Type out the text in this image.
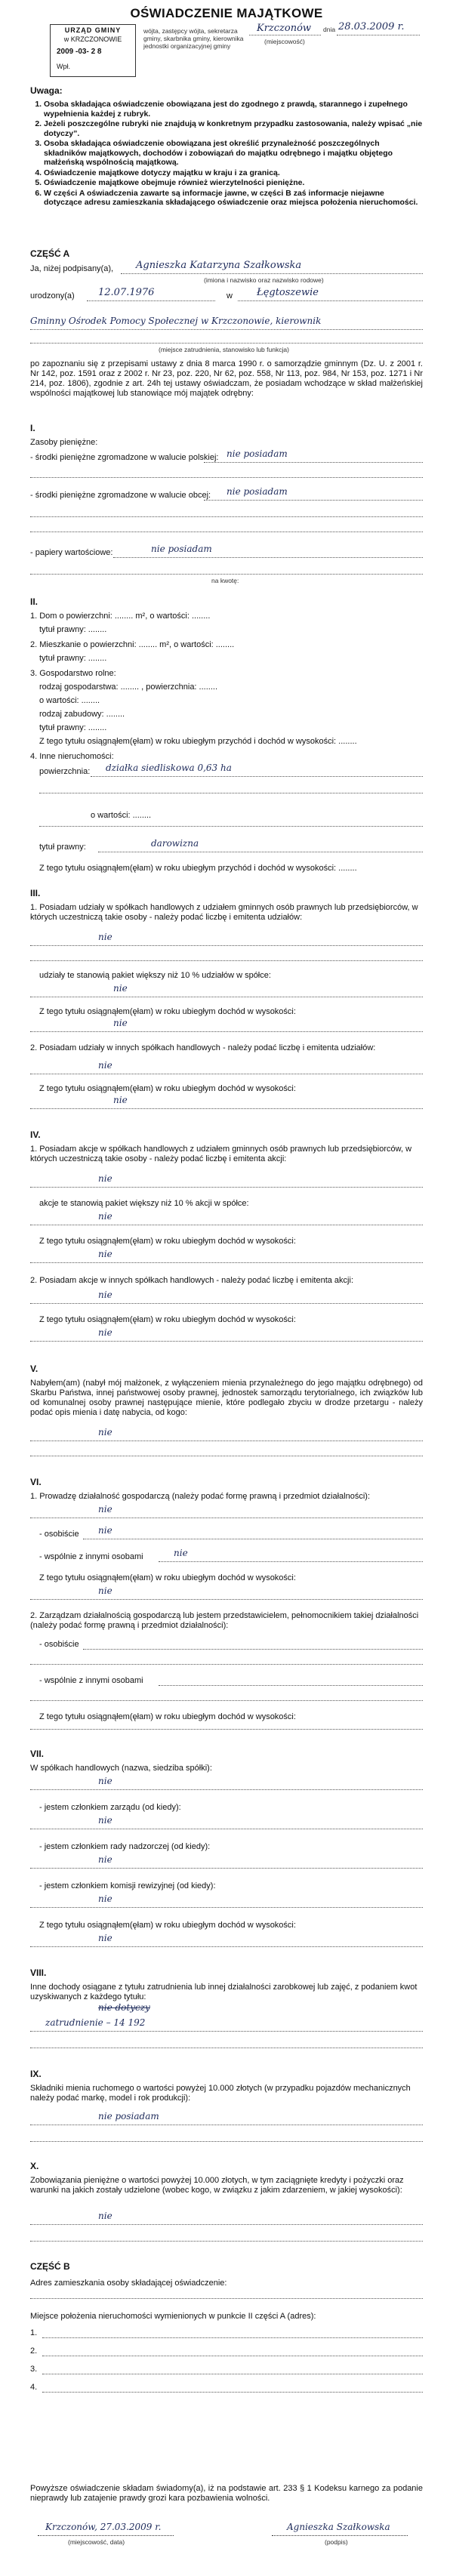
OŚWIADCZENIE MAJĄTKOWE
URZĄD GMINY
w KRZCZONOWIE
2009 -03- 2 8
Wpł.
wójta, zastępcy wójta, sekretarza gminy, skarbnika gminy, kierownika jednostki organizacyjnej gminy
Krzczonów
(miejscowość)
dnia 28.03.2009 r.
Uwaga:
1. Osoba składająca oświadczenie obowiązana jest do zgodnego z prawdą, starannego i zupełnego wypełnienia każdej z rubryk.
2. Jeżeli poszczególne rubryki nie znajdują w konkretnym przypadku zastosowania, należy wpisać „nie dotyczy”.
3. Osoba składająca oświadczenie obowiązana jest określić przynależność poszczególnych składników majątkowych, dochodów i zobowiązań do majątku odrębnego i majątku objętego małżeńską wspólnością majątkową.
4. Oświadczenie majątkowe dotyczy majątku w kraju i za granicą.
5. Oświadczenie majątkowe obejmuje również wierzytelności pieniężne.
6. W części A oświadczenia zawarte są informacje jawne, w części B zaś informacje niejawne dotyczące adresu zamieszkania składającego oświadczenie oraz miejsca położenia nieruchomości.
CZĘŚĆ A
Ja, niżej podpisany(a), Agnieszka Katarzyna Szałkowska
(imiona i nazwisko oraz nazwisko rodowe)
urodzony(a) 12.07.1976	w Łęgtoszewie
Gminny Ośrodek Pomocy Społecznej w Krzczonowie, kierownik
(miejsce zatrudnienia, stanowisko lub funkcja)
po zapoznaniu się z przepisami ustawy z dnia 8 marca 1990 r. o samorządzie gminnym (Dz. U. z 2001 r. Nr 142, poz. 1591 oraz z 2002 r. Nr 23, poz. 220, Nr 62, poz. 558, Nr 113, poz. 984, Nr 153, poz. 1271 i Nr 214, poz. 1806), zgodnie z art. 24h tej ustawy oświadczam, że posiadam wchodzące w skład małżeńskiej wspólności majątkowej lub stanowiące mój majątek odrębny:
I.
Zasoby pieniężne:
- środki pieniężne zgromadzone w walucie polskiej: nie posiadam
- środki pieniężne zgromadzone w walucie obcej: nie posiadam
- papiery wartościowe:	nie posiadam
na kwotę:
II.
1. Dom o powierzchni: ........ m², o wartości: ........
tytuł prawny: ........
2. Mieszkanie o powierzchni: ........ m², o wartości: ........
tytuł prawny: ........
3. Gospodarstwo rolne:
rodzaj gospodarstwa: ........ , powierzchnia: ........
o wartości: ........
rodzaj zabudowy: ........
tytuł prawny: ........
Z tego tytułu osiągnąłem(ęłam) w roku ubiegłym przychód i dochód w wysokości: ........
4. Inne nieruchomości:
powierzchnia: działka siedliskowa 0,63 ha
o wartości: ........
tytuł prawny:	darowizna
Z tego tytułu osiągnąłem(ęłam) w roku ubiegłym przychód i dochód w wysokości: ........
III.
1. Posiadam udziały w spółkach handlowych z udziałem gminnych osób prawnych lub przedsiębiorców, w których uczestniczą takie osoby - należy podać liczbę i emitenta udziałów:
nie
udziały te stanowią pakiet większy niż 10 % udziałów w spółce:
nie
Z tego tytułu osiągnąłem(ęłam) w roku ubiegłym dochód w wysokości:
nie
2. Posiadam udziały w innych spółkach handlowych - należy podać liczbę i emitenta udziałów:
nie
Z tego tytułu osiągnąłem(ęłam) w roku ubiegłym dochód w wysokości:
nie
IV.
1. Posiadam akcje w spółkach handlowych z udziałem gminnych osób prawnych lub przedsiębiorców, w których uczestniczą takie osoby - należy podać liczbę i emitenta akcji:
nie
akcje te stanowią pakiet większy niż 10 % akcji w spółce:
nie
Z tego tytułu osiągnąłem(ęłam) w roku ubiegłym dochód w wysokości:
nie
2. Posiadam akcje w innych spółkach handlowych - należy podać liczbę i emitenta akcji:
nie
Z tego tytułu osiągnąłem(ęłam) w roku ubiegłym dochód w wysokości:
nie
V.
Nabyłem(am) (nabył mój małżonek, z wyłączeniem mienia przynależnego do jego majątku odrębnego) od Skarbu Państwa, innej państwowej osoby prawnej, jednostek samorządu terytorialnego, ich związków lub od komunalnej osoby prawnej następujące mienie, które podlegało zbyciu w drodze przetargu - należy podać opis mienia i datę nabycia, od kogo:
nie
VI.
1. Prowadzę działalność gospodarczą (należy podać formę prawną i przedmiot działalności):
nie
- osobiście nie
- wspólnie z innymi osobami	nie
Z tego tytułu osiągnąłem(ęłam) w roku ubiegłym dochód w wysokości:
nie
2. Zarządzam działalnością gospodarczą lub jestem przedstawicielem, pełnomocnikiem takiej działalności (należy podać formę prawną i przedmiot działalności):
- osobiście
- wspólnie z innymi osobami
Z tego tytułu osiągnąłem(ęłam) w roku ubiegłym dochód w wysokości:
VII.
W spółkach handlowych (nazwa, siedziba spółki):
nie
- jestem członkiem zarządu (od kiedy):
nie
- jestem członkiem rady nadzorczej (od kiedy):
nie
- jestem członkiem komisji rewizyjnej (od kiedy):
nie
Z tego tytułu osiągnąłem(ęłam) w roku ubiegłym dochód w wysokości:
nie
VIII.
Inne dochody osiągane z tytułu zatrudnienia lub innej działalności zarobkowej lub zajęć, z podaniem kwot uzyskiwanych z każdego tytułu:
nie dotyczy
zatrudnienie – 14 192
IX.
Składniki mienia ruchomego o wartości powyżej 10.000 złotych (w przypadku pojazdów mechanicznych należy podać markę, model i rok produkcji):
nie posiadam
X.
Zobowiązania pieniężne o wartości powyżej 10.000 złotych, w tym zaciągnięte kredyty i pożyczki oraz warunki na jakich zostały udzielone (wobec kogo, w związku z jakim zdarzeniem, w jakiej wysokości):
nie
CZĘŚĆ B
Adres zamieszkania osoby składającej oświadczenie:
Miejsce położenia nieruchomości wymienionych w punkcie II części A (adres):
1.
2.
3.
4.
Powyższe oświadczenie składam świadomy(a), iż na podstawie art. 233 § 1 Kodeksu karnego za podanie nieprawdy lub zatajenie prawdy grozi kara pozbawienia wolności.
Krzczonów, 27.03.2009 r.
(miejscowość, data)
Agnieszka Szałkowska
(podpis)
